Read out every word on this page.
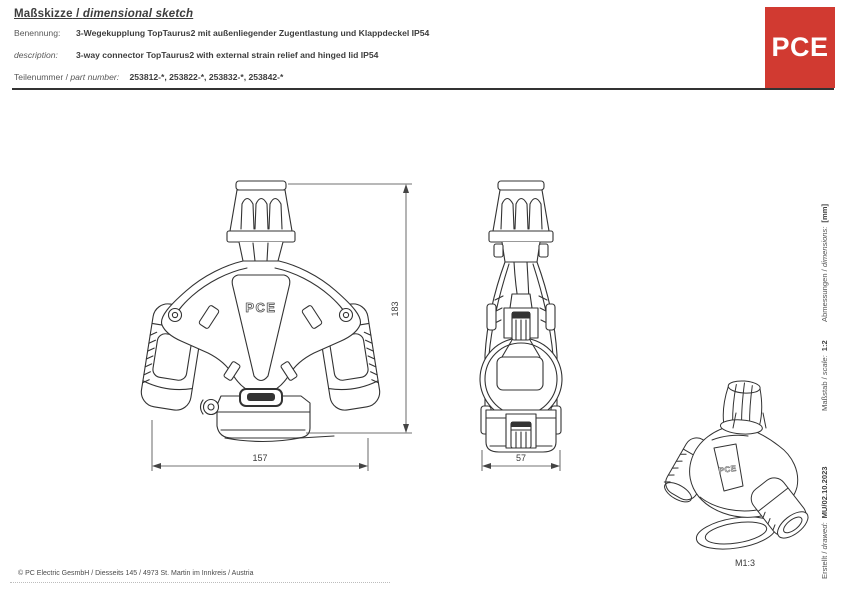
Maßskizze / dimensional sketch
Benennung: 3-Wegekupplung TopTaurus2 mit außenliegender Zugentlastung und Klappdeckel IP54
description: 3-way connector TopTaurus2 with external strain relief and hinged lid IP54
Teilenummer / part number: 253812-*, 253822-*, 253832-*, 253842-*
PCE
PCE
PCE
183
157	57
M1:3
Abmessungen / dimensions:[mm]
Maßstab / scale:1:2
Erstellt / drawed:MU/02.10.2023
© PC Electric GesmbH / Diesseits 145 / 4973 St. Martin im Innkreis / Austria
